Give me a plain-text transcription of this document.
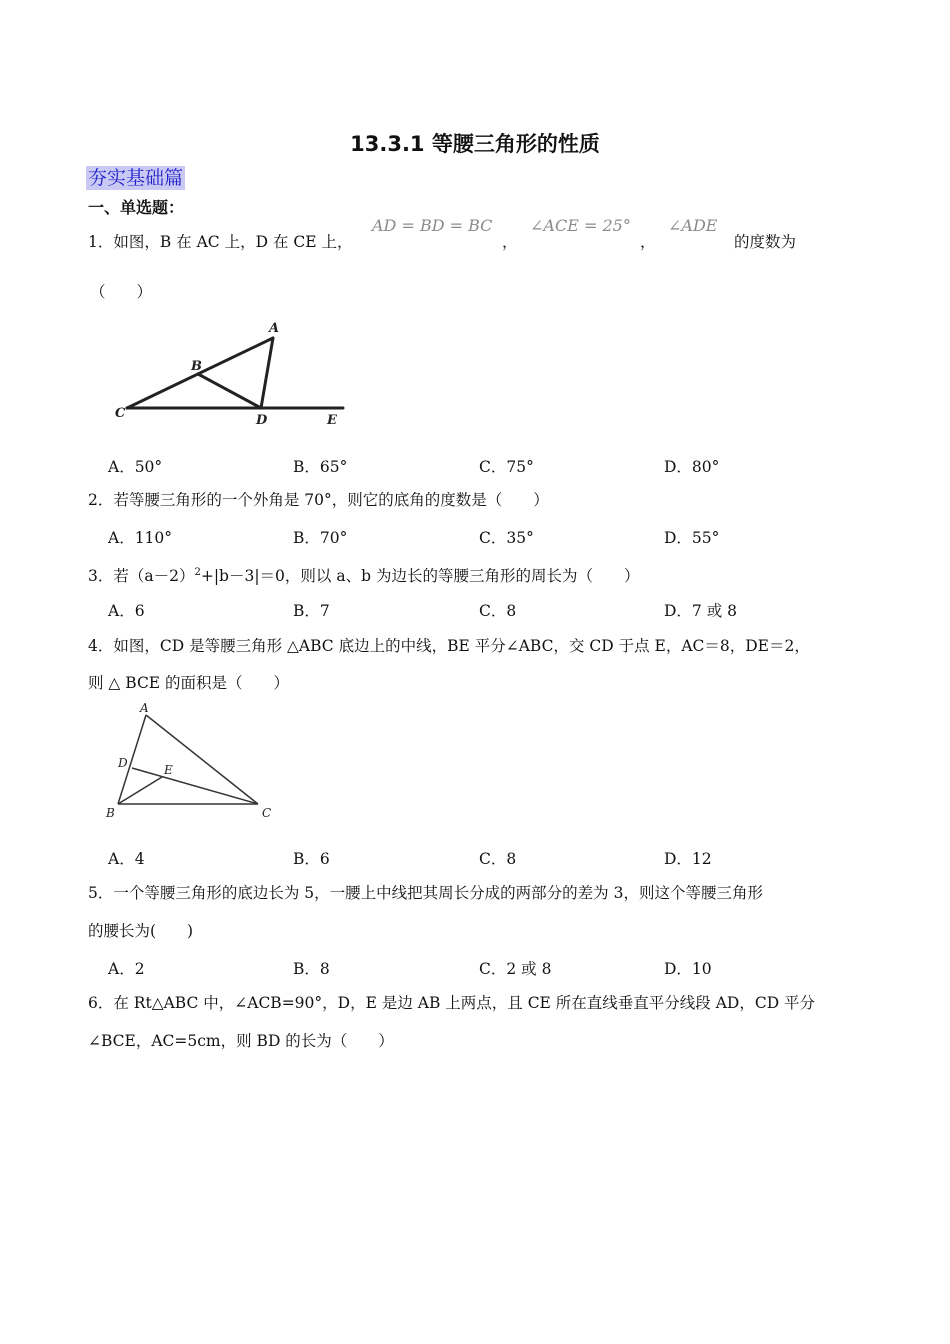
13.3.1 等腰三角形的性质
夯实基础篇
一、单选题：
1．如图，B 在 AC 上，D 在 CE 上，
AD = BD = BC
，
∠ACE = 25°
，
∠ADE
的度数为
（　　）
A
B
C	D	E
A．50°	B．65°	C．75°	D．80°
2．若等腰三角形的一个外角是 70°，则它的底角的度数是（　　）
A．110°	B．70°	C．35°	D．55°
3．若$(a-2)^2+|b-3|=0$，则以 a、b 为边长的等腰三角形的周长为（　　）
A．6	B．7	C．8	D．7 或 8
4．如图，CD 是等腰三角形 △ABC 底边上的中线，BE 平分∠ABC，交 CD 于点 E，AC＝8，DE＝2，
则 △ BCE 的面积是（　　）
A
D	E
B	C
A．4	B．6	C．8	D．12
5．一个等腰三角形的底边长为 5，一腰上中线把其周长分成的两部分的差为 3，则这个等腰三角形
的腰长为(　　)
A．2	B．8	C．2 或 8	D．10
6．在 Rt△ABC 中，∠ACB=90°，D，E 是边 AB 上两点，且 CE 所在直线垂直平分线段 AD，CD 平分
∠BCE，AC=5cm，则 BD 的长为（　　）
